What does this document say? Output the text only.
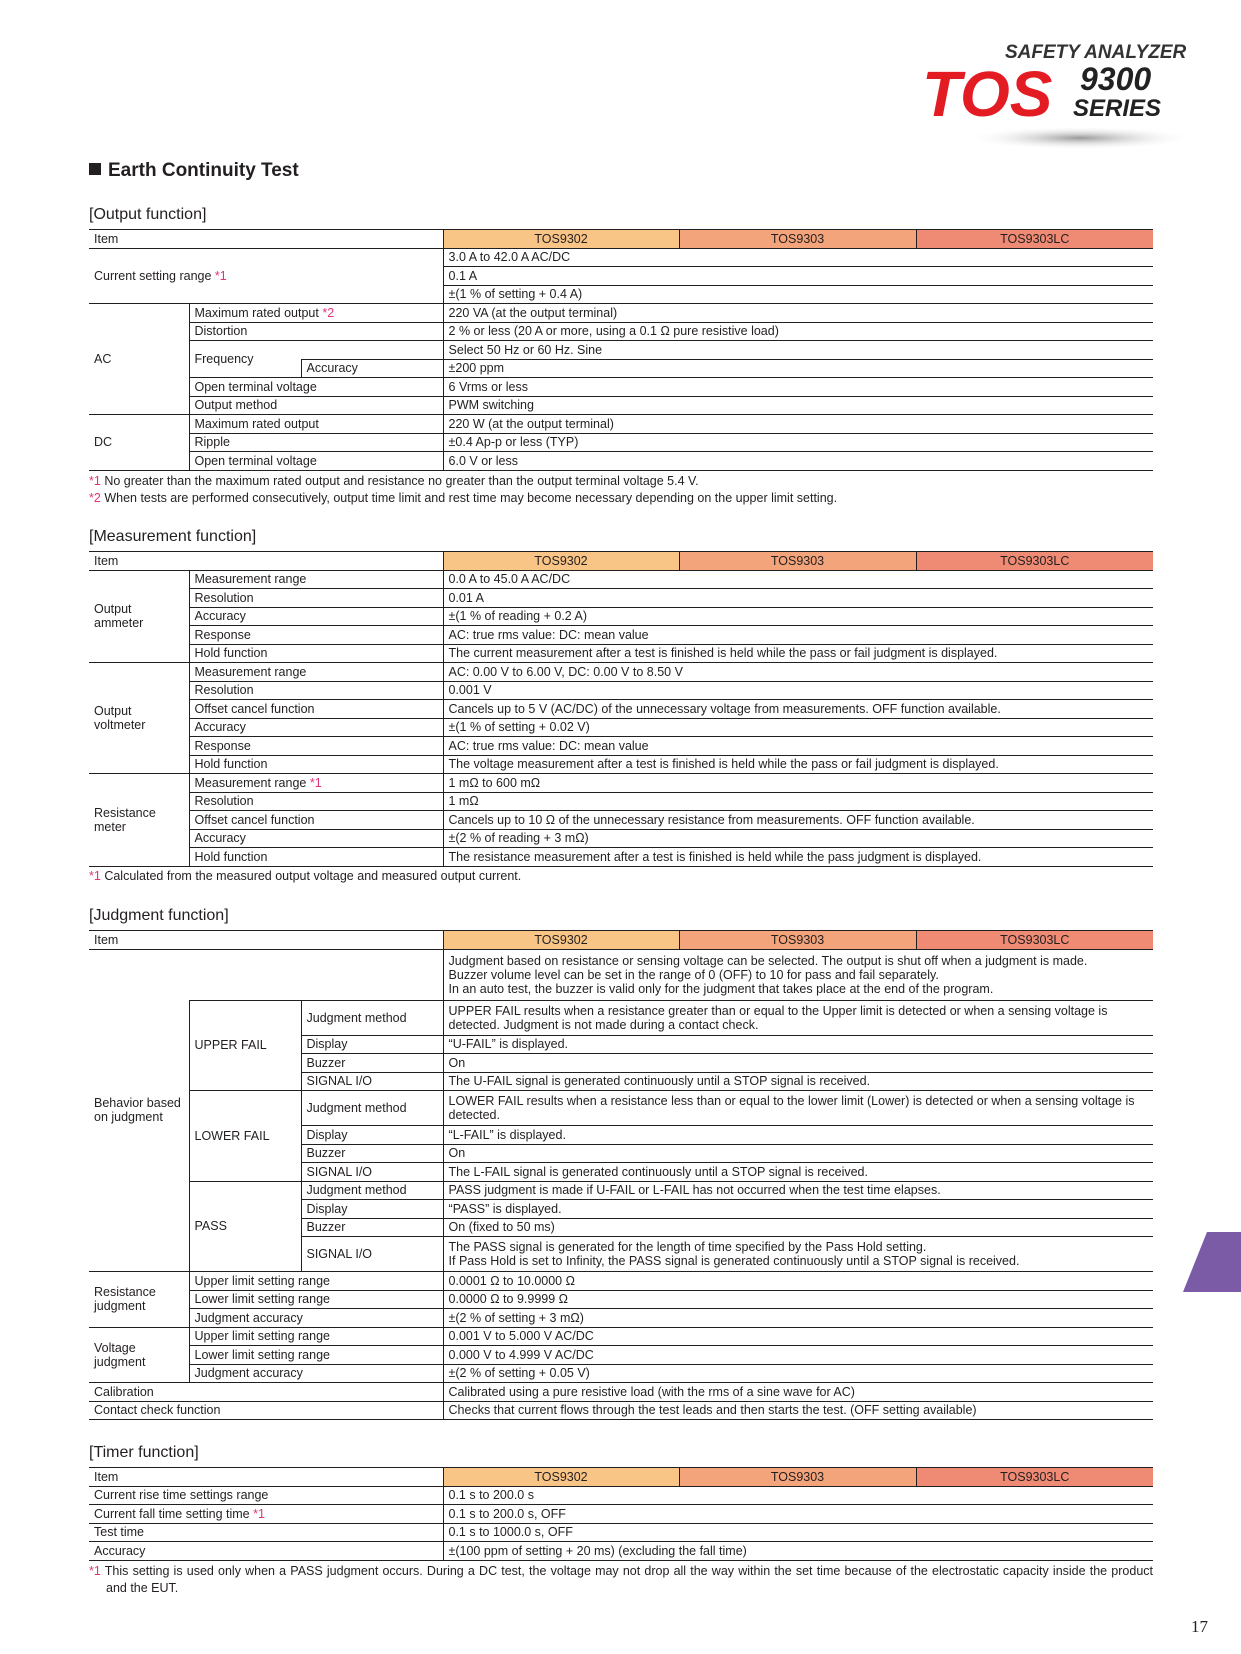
SAFETY ANALYZER
TOS 9300
SERIES
Earth Continuity Test
[Output function]
Item			TOS9302	TOS9303	TOS9303LC
Current setting range *1			3.0 A to 42.0 A AC/DC		
			0.1 A		
			±(1 % of setting + 0.4 A)		
AC	Maximum rated output *2		220 VA (at the output terminal)		
	Distortion		2 % or less (20 A or more, using a 0.1 Ω pure resistive load)		
	Frequency		Select 50 Hz or 60 Hz. Sine		
		Accuracy	±200 ppm		
	Open terminal voltage		6 Vrms or less		
	Output method		PWM switching		
DC	Maximum rated output		220 W (at the output terminal)		
	Ripple		±0.4 Ap-p or less (TYP)		
	Open terminal voltage		6.0 V or less		
*1 No greater than the maximum rated output and resistance no greater than the output terminal voltage 5.4 V.
*2 When tests are performed consecutively, output time limit and rest time may become necessary depending on the upper limit setting.
[Measurement function]
Item		TOS9302	TOS9303	TOS9303LC
Output ammeter	Measurement range	0.0 A to 45.0 A AC/DC		
	Resolution	0.01 A		
	Accuracy	±(1 % of reading + 0.2 A)		
	Response	AC: true rms value: DC: mean value		
	Hold function	The current measurement after a test is finished is held while the pass or fail judgment is displayed.		
Output voltmeter	Measurement range	AC: 0.00 V to 6.00 V, DC: 0.00 V to 8.50 V		
	Resolution	0.001 V		
	Offset cancel function	Cancels up to 5 V (AC/DC) of the unnecessary voltage from measurements. OFF function available.		
	Accuracy	±(1 % of setting + 0.02 V)		
	Response	AC: true rms value: DC: mean value		
	Hold function	The voltage measurement after a test is finished is held while the pass or fail judgment is displayed.		
Resistance meter	Measurement range *1	1 mΩ to 600 mΩ		
	Resolution	1 mΩ		
	Offset cancel function	Cancels up to 10 Ω of the unnecessary resistance from measurements. OFF function available.		
	Accuracy	±(2 % of reading + 3 mΩ)		
	Hold function	The resistance measurement after a test is finished is held while the pass judgment is displayed.		
*1 Calculated from the measured output voltage and measured output current.
[Judgment function]
Item			TOS9302	TOS9303	TOS9303LC
Behavior based on judgment			Judgment based on resistance or sensing voltage can be selected. The output is shut off when a judgment is made.
Buzzer volume level can be set in the range of 0 (OFF) to 10 for pass and fail separately.
In an auto test, the buzzer is valid only for the judgment that takes place at the end of the program.		
	UPPER FAIL	Judgment method	UPPER FAIL results when a resistance greater than or equal to the Upper limit is detected or when a sensing voltage is detected. Judgment is not made during a contact check.		
		Display	“U-FAIL” is displayed.		
		Buzzer	On		
		SIGNAL I/O	The U-FAIL signal is generated continuously until a STOP signal is received.		
	LOWER FAIL	Judgment method	LOWER FAIL results when a resistance less than or equal to the lower limit (Lower) is detected or when a sensing voltage is detected.		
		Display	“L-FAIL” is displayed.		
		Buzzer	On		
		SIGNAL I/O	The L-FAIL signal is generated continuously until a STOP signal is received.		
	PASS	Judgment method	PASS judgment is made if U-FAIL or L-FAIL has not occurred when the test time elapses.		
		Display	“PASS” is displayed.		
		Buzzer	On (fixed to 50 ms)		
		SIGNAL I/O	The PASS signal is generated for the length of time specified by the Pass Hold setting.
If Pass Hold is set to Infinity, the PASS signal is generated continuously until a STOP signal is received.		
Resistance judgment	Upper limit setting range		0.0001 Ω to 10.0000 Ω		
	Lower limit setting range		0.0000 Ω to 9.9999 Ω		
	Judgment accuracy		±(2 % of setting + 3 mΩ)		
Voltage judgment	Upper limit setting range		0.001 V to 5.000 V AC/DC		
	Lower limit setting range		0.000 V to 4.999 V AC/DC		
	Judgment accuracy		±(2 % of setting + 0.05 V)		
Calibration			Calibrated using a pure resistive load (with the rms of a sine wave for AC)		
Contact check function			Checks that current flows through the test leads and then starts the test. (OFF setting available)		
[Timer function]
Item	TOS9302	TOS9303	TOS9303LC
Current rise time settings range	0.1 s to 200.0 s		
Current fall time setting time *1	0.1 s to 200.0 s, OFF		
Test time	0.1 s to 1000.0 s, OFF		
Accuracy	±(100 ppm of setting + 20 ms) (excluding the fall time)		
*1 This setting is used only when a PASS judgment occurs. During a DC test, the voltage may not drop all the way within the set time because of the electrostatic capacity inside the product and the EUT.
17
